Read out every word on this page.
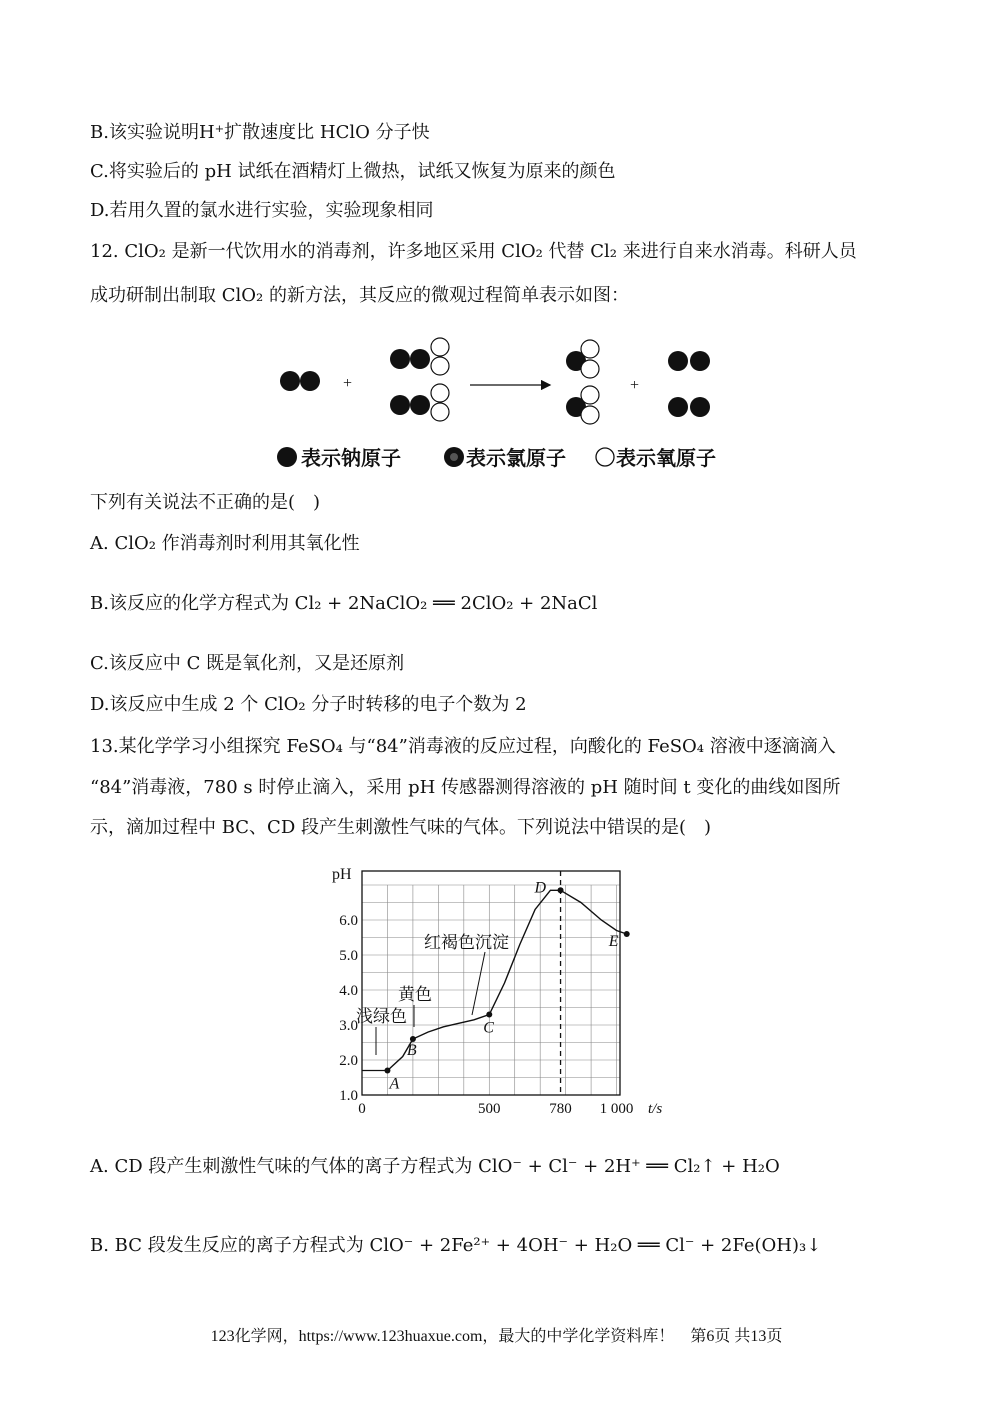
B.该实验说明H⁺扩散速度比 HClO 分子快
C.将实验后的 pH 试纸在酒精灯上微热，试纸又恢复为原来的颜色
D.若用久置的氯水进行实验，实验现象相同
12. ClO₂ 是新一代饮用水的消毒剂，许多地区采用 ClO₂ 代替 Cl₂ 来进行自来水消毒。科研人员
成功研制出制取 ClO₂ 的新方法，其反应的微观过程简单表示如图：
+	+
表示钠原子	表示氯原子	表示氧原子
下列有关说法不正确的是(　)
A. ClO₂ 作消毒剂时利用其氧化性
B.该反应的化学方程式为 Cl₂ + 2NaClO₂ ══ 2ClO₂ + 2NaCl
C.该反应中 C 既是氧化剂，又是还原剂
D.该反应中生成 2 个 ClO₂ 分子时转移的电子个数为 2
13.某化学学习小组探究 FeSO₄ 与“84”消毒液的反应过程，向酸化的 FeSO₄ 溶液中逐滴滴入
“84”消毒液，780 s 时停止滴入，采用 pH 传感器测得溶液的 pH 随时间 t 变化的曲线如图所
示，滴加过程中 BC、CD 段产生刺激性气味的气体。下列说法中错误的是(　)
pH
t/s
1.0
2.0
3.0
4.0
5.0
6.0
0	500	780 1 000
A
B
C
D
E
红褐色沉淀
黄色
浅绿色
A. CD 段产生刺激性气味的气体的离子方程式为 ClO⁻ + Cl⁻ + 2H⁺ ══ Cl₂↑ + H₂O
B. BC 段发生反应的离子方程式为 ClO⁻ + 2Fe²⁺ + 4OH⁻ + H₂O ══ Cl⁻ + 2Fe(OH)₃↓
123化学网，https://www.123huaxue.com，最大的中学化学资料库！　第6页 共13页
